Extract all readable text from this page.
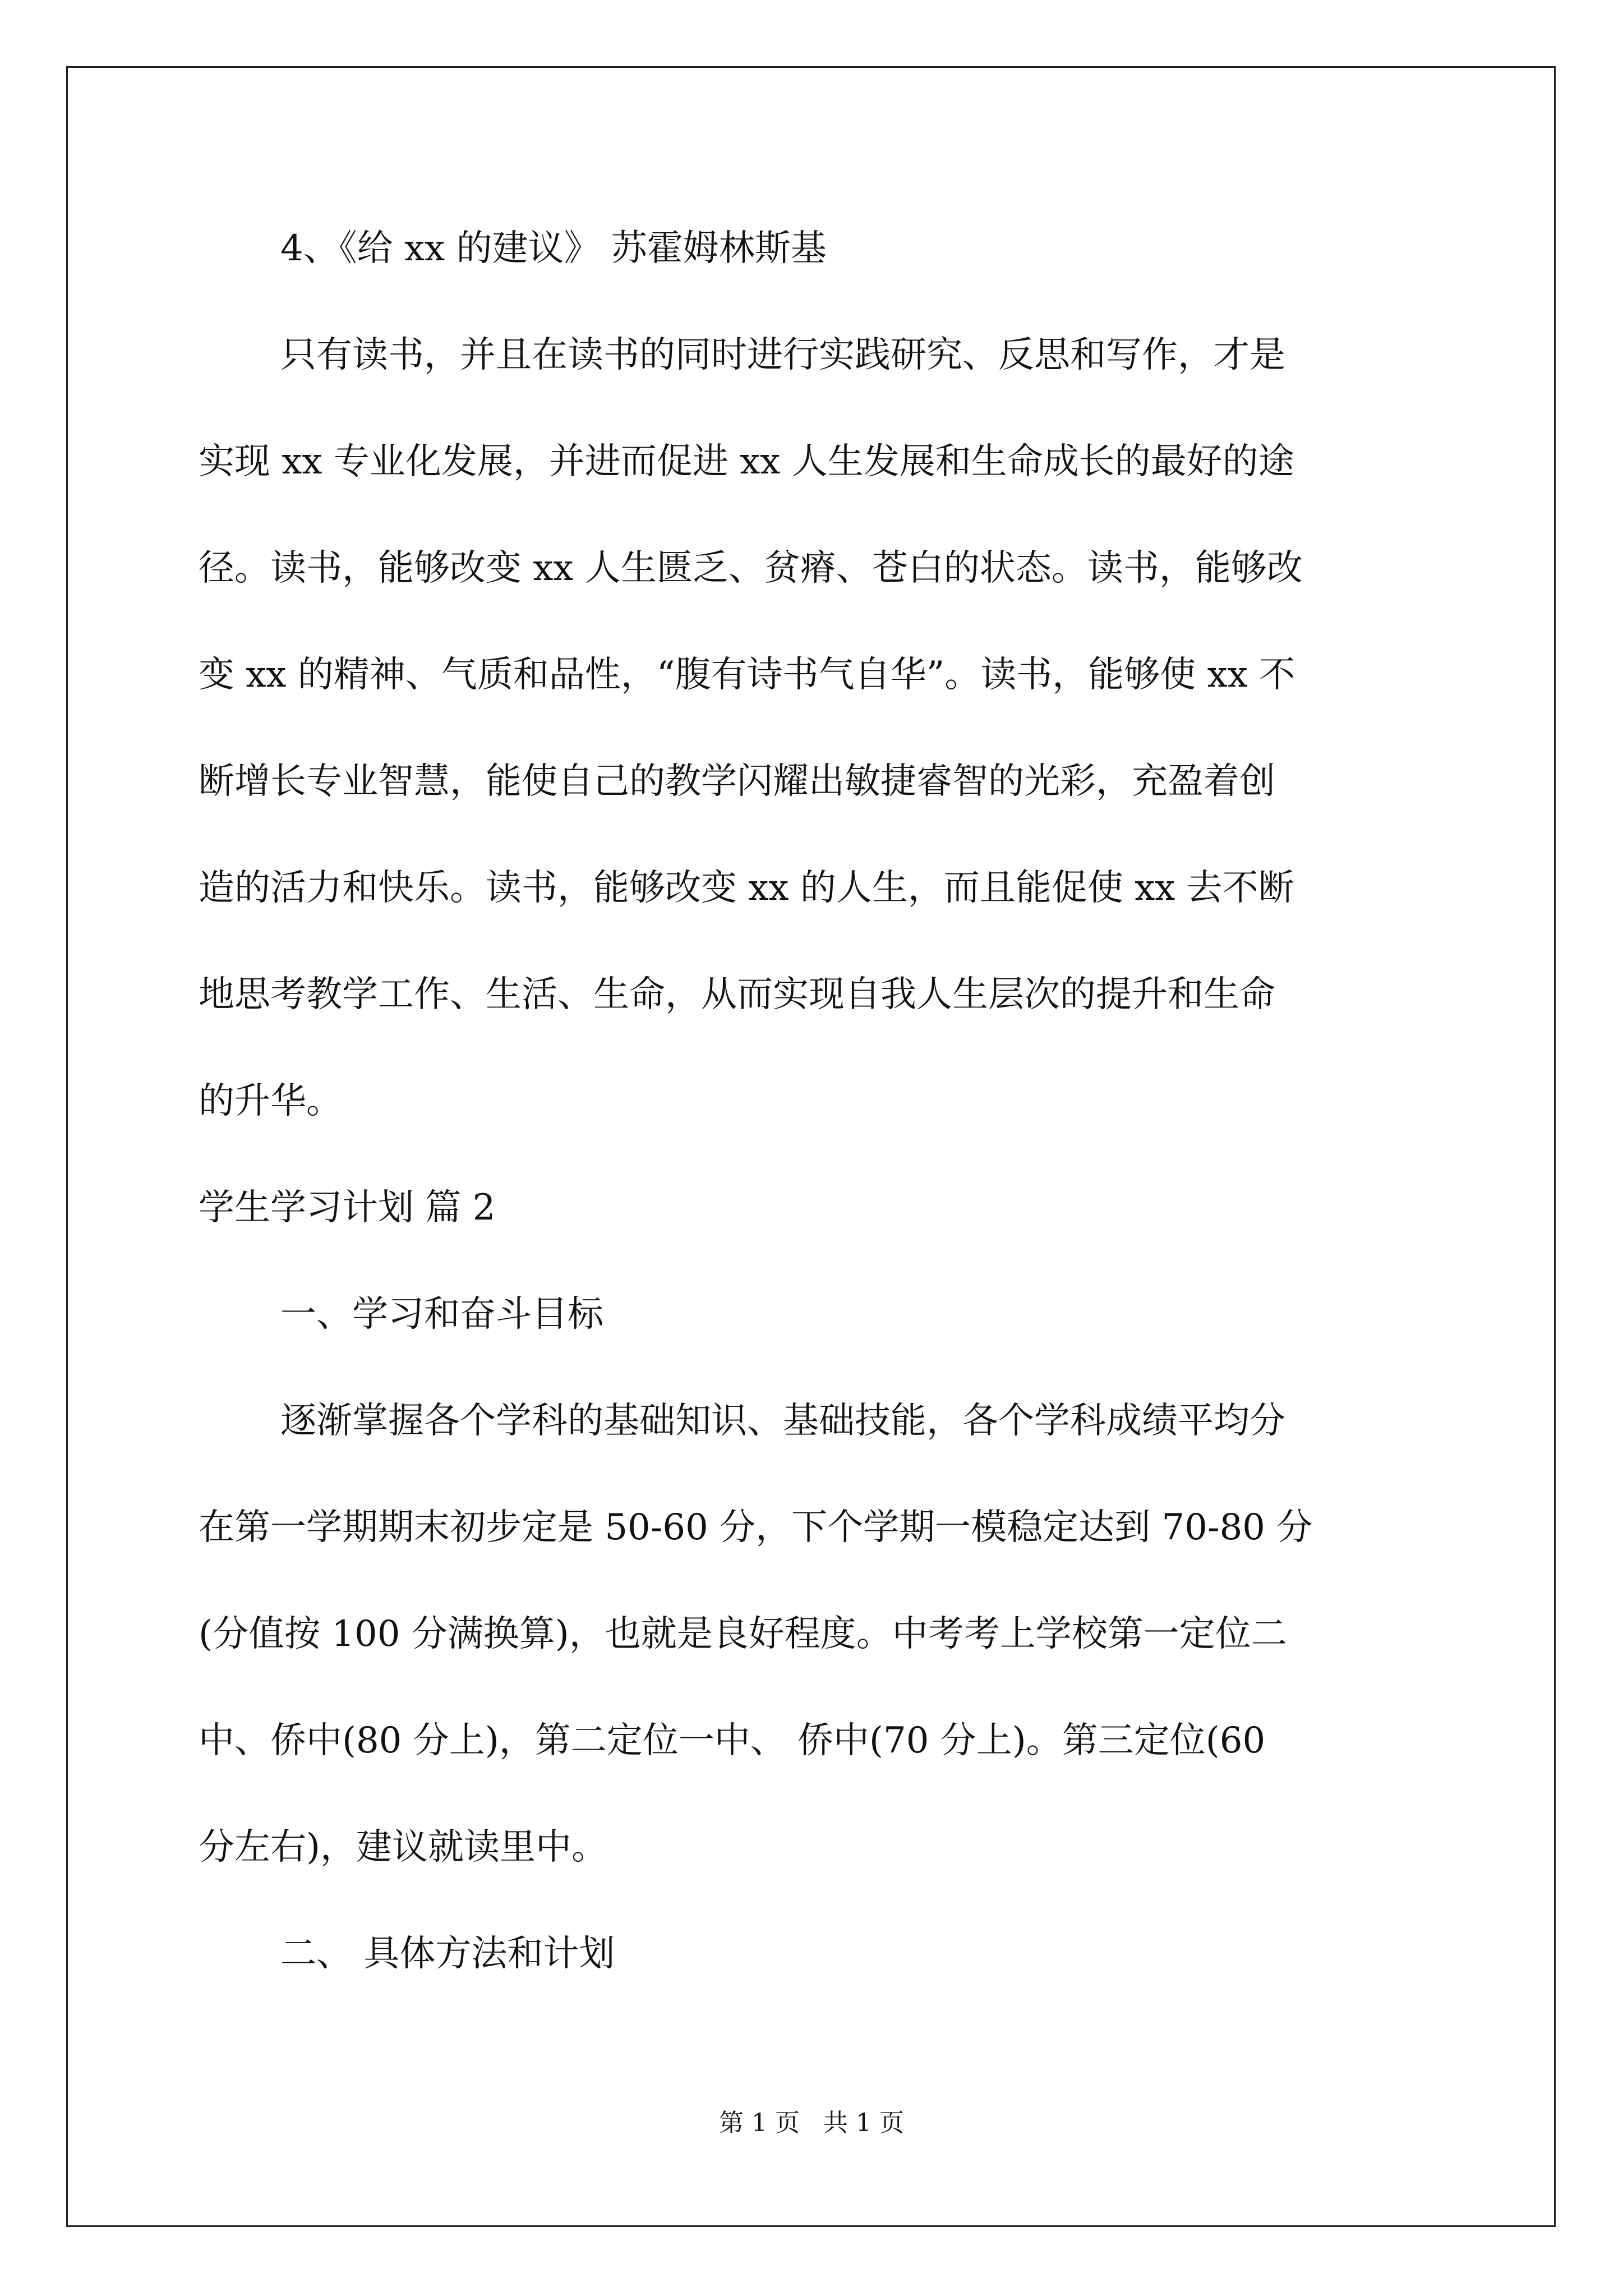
4、《给 xx 的建议》 苏霍姆林斯基
只有读书，并且在读书的同时进行实践研究、反思和写作，才是
实现 xx 专业化发展，并进而促进 xx 人生发展和生命成长的最好的途
径。读书，能够改变 xx 人生匮乏、贫瘠、苍白的状态。读书，能够改
变 xx 的精神、气质和品性，“腹有诗书气自华”。读书，能够使 xx 不
断增长专业智慧，能使自己的教学闪耀出敏捷睿智的光彩，充盈着创
造的活力和快乐。读书，能够改变 xx 的人生，而且能促使 xx 去不断
地思考教学工作、生活、生命，从而实现自我人生层次的提升和生命
的升华。
学生学习计划 篇 2
一、学习和奋斗目标
逐渐掌握各个学科的基础知识、基础技能，各个学科成绩平均分
在第一学期期末初步定是 50-60 分，下个学期一模稳定达到 70-80 分
(分值按 100 分满换算)，也就是良好程度。中考考上学校第一定位二
中、侨中(80 分上)，第二定位一中、 侨中(70 分上)。第三定位(60
分左右)，建议就读里中。
二、 具体方法和计划
第 1 页   共 1 页
